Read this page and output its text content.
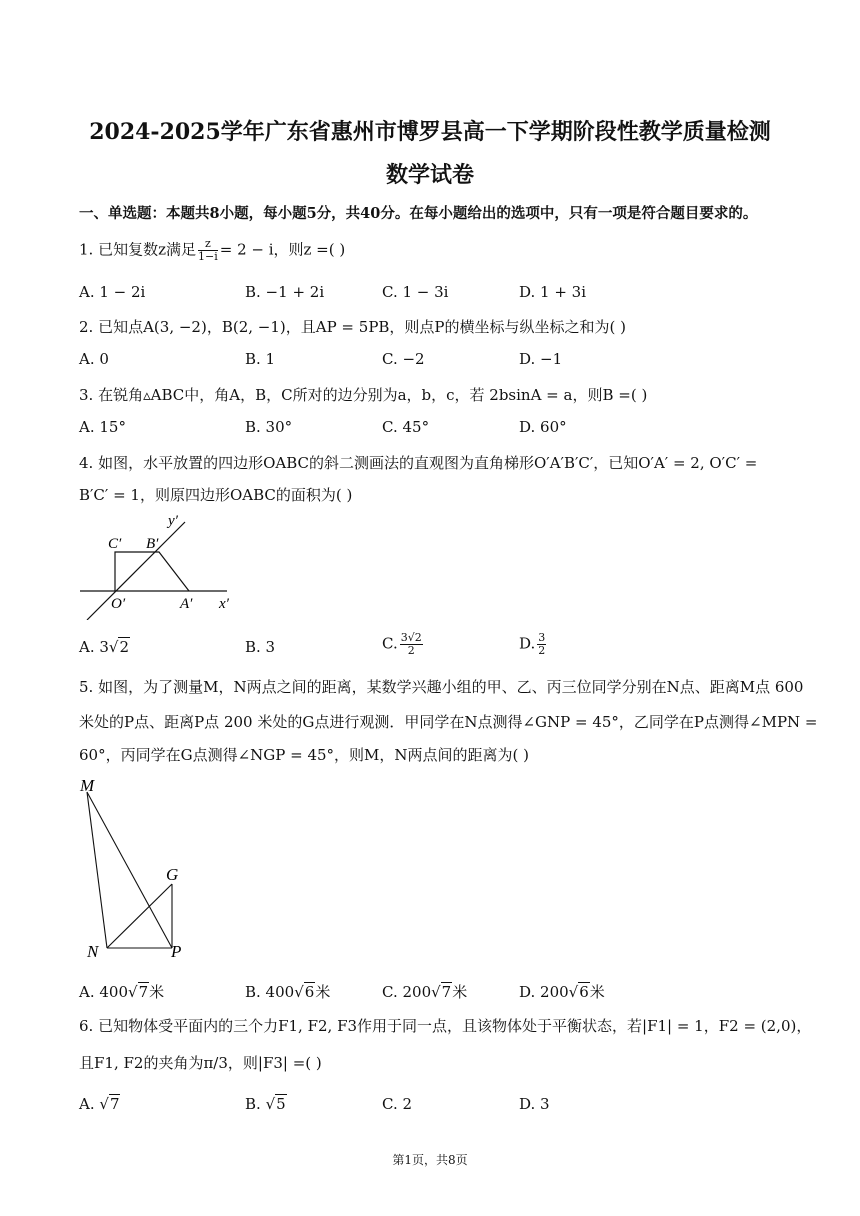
2024-2025学年广东省惠州市博罗县高一下学期阶段性教学质量检测
数学试卷
一、单选题：本题共8小题，每小题5分，共40分。在每小题给出的选项中，只有一项是符合题目要求的。
1. 已知复数z满足 $\frac{z}{1-i} = 2 - i$，则z =( )
A. 1 − 2i	B. −1 + 2i	C. 1 − 3i	D. 1 + 3i
2. 已知点A(3, −2)，B(2, −1)，且AP = 5PB，则点P的横坐标与纵坐标之和为( )
A. 0	B. 1	C. −2	D. −1
3. 在锐角▵ABC中，角A，B，C所对的边分别为a，b，c，若 2bsinA = a，则B =( )
A. 15°	B. 30°	C. 45°	D. 60°
4. 如图，水平放置的四边形OABC的斜二测画法的直观图为直角梯形O′A′B′C′，已知O′A′ = 2, O′C′ =
B′C′ = 1，则原四边形OABC的面积为( )
C′ B′
y′
O′	A′ x′
A. 3√2	B. 3	C. $\frac{3√2}{2}$	D. $\frac{3}{2}$
5. 如图，为了测量M，N两点之间的距离，某数学兴趣小组的甲、乙、丙三位同学分别在N点、距离M点 600
米处的P点、距离P点 200 米处的G点进行观测．甲同学在N点测得∠GNP = 45°，乙同学在P点测得∠MPN =
60°，丙同学在G点测得∠NGP = 45°，则M，N两点间的距离为( )
M
G
N	P
A. 400√7米	B. 400√6米	C. 200√7米	D. 200√6米
6. 已知物体受平面内的三个力F1, F2, F3作用于同一点，且该物体处于平衡状态，若|F1| = 1，F2 = (2,0)，
且F1, F2的夹角为π/3，则|F3| =( )
A. √7	B. √5	C. 2	D. 3
第1页，共8页
